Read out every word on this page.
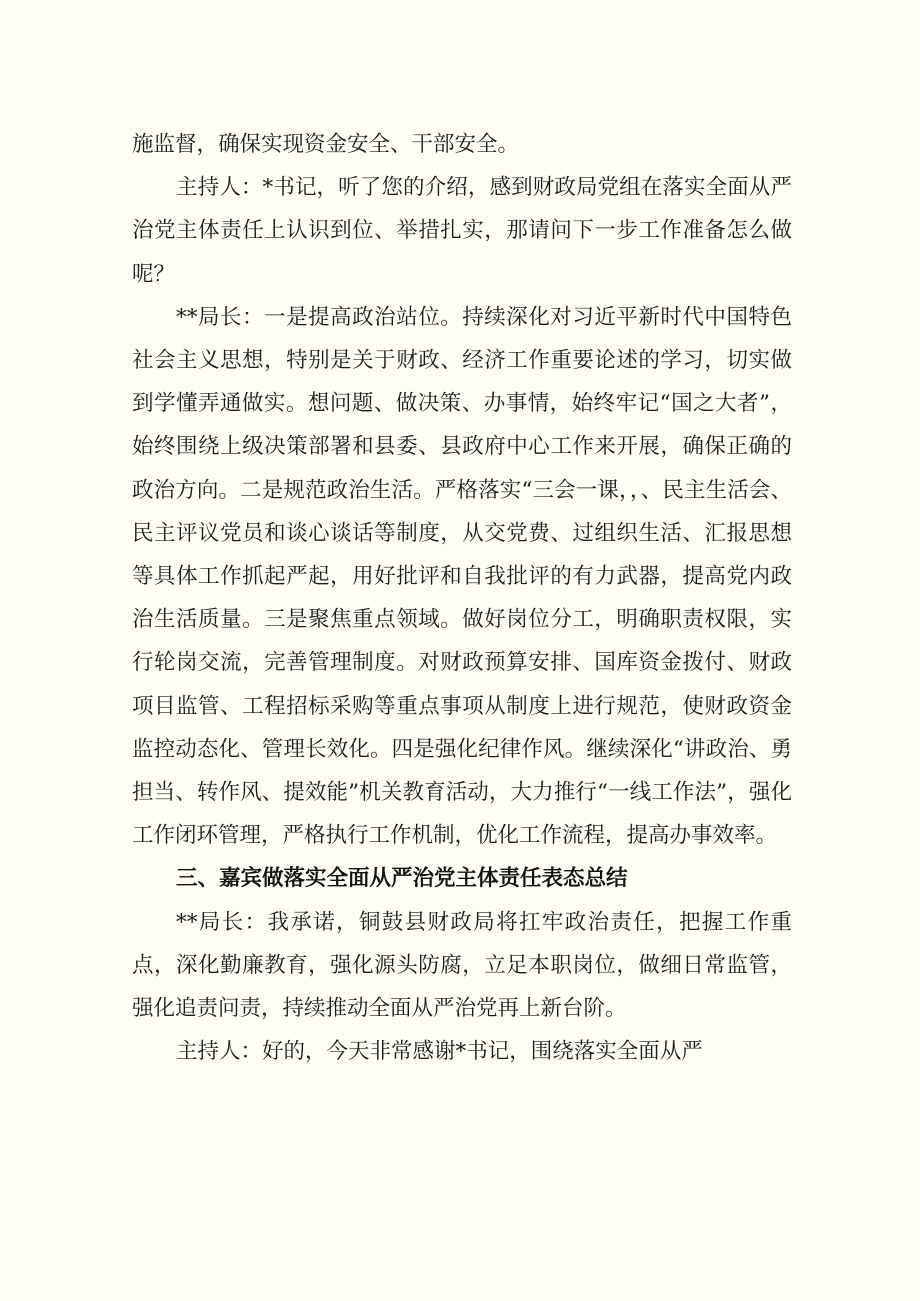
施监督，确保实现资金安全、干部安全。

主持人：*书记，听了您的介绍，感到财政局党组在落实全面从严治党主体责任上认识到位、举措扎实，那请问下一步工作准备怎么做呢？

**局长：一是提高政治站位。持续深化对习近平新时代中国特色社会主义思想，特别是关于财政、经济工作重要论述的学习，切实做到学懂弄通做实。想问题、做决策、办事情，始终牢记“国之大者”，始终围绕上级决策部署和县委、县政府中心工作来开展，确保正确的政治方向。二是规范政治生活。严格落实“三会一课，，、民主生活会、民主评议党员和谈心谈话等制度，从交党费、过组织生活、汇报思想等具体工作抓起严起，用好批评和自我批评的有力武器，提高党内政治生活质量。三是聚焦重点领域。做好岗位分工，明确职责权限，实行轮岗交流，完善管理制度。对财政预算安排、国库资金拨付、财政项目监管、工程招标采购等重点事项从制度上进行规范，使财政资金监控动态化、管理长效化。四是强化纪律作风。继续深化“讲政治、勇担当、转作风、提效能”机关教育活动，大力推行“一线工作法”，强化工作闭环管理，严格执行工作机制，优化工作流程，提高办事效率。

三、嘉宾做落实全面从严治党主体责任表态总结

**局长：我承诺，铜鼓县财政局将扛牢政治责任，把握工作重点，深化勤廉教育，强化源头防腐，立足本职岗位，做细日常监管，强化追责问责，持续推动全面从严治党再上新台阶。

主持人：好的，今天非常感谢*书记，围绕落实全面从严
